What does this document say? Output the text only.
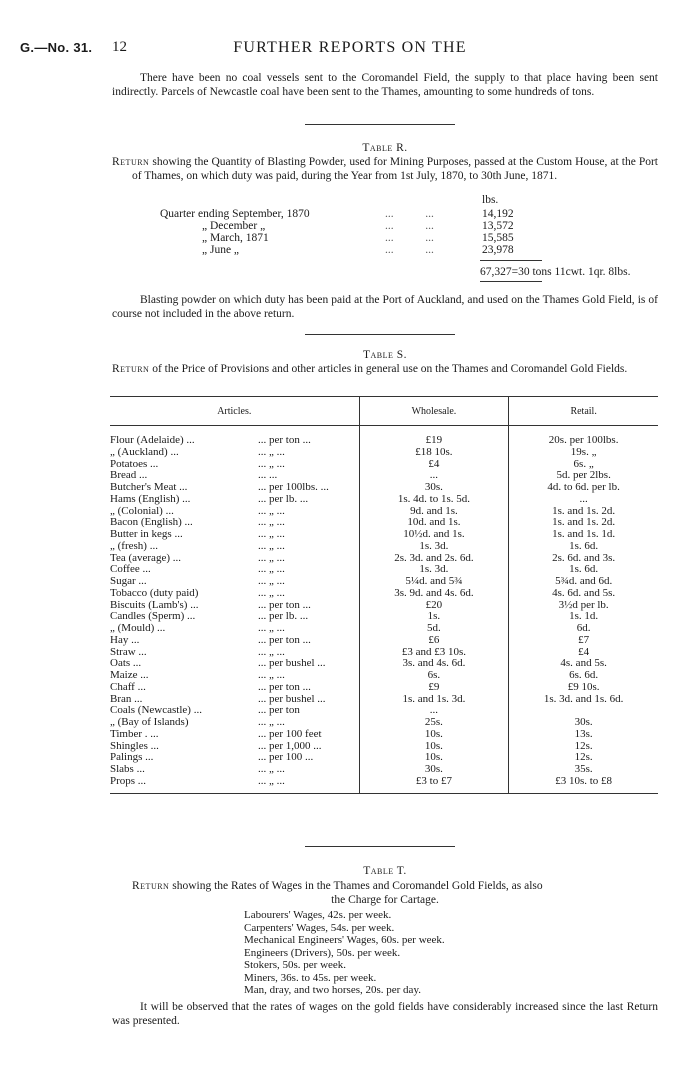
G.—No. 31. 12	FURTHER REPORTS ON THE

There have been no coal vessels sent to the Coromandel Field, the supply to that place having been sent indirectly. Parcels of Newcastle coal have been sent to the Thames, amounting to some hundreds of tons.

Table R.

Return showing the Quantity of Blasting Powder, used for Mining Purposes, passed at the Custom House, at the Port of Thames, on which duty was paid, during the Year from 1st July, 1870, to 30th June, 1871.

lbs.
Quarter ending September, 1870	...           ...	14,192
„ December „	...           ...	13,572
„ March, 1871	...           ...	15,585
„ June „	...           ...	23,978
67,327=30 tons 11cwt. 1qr. 8lbs.

Blasting powder on which duty has been paid at the Port of Auckland, and used on the Thames Gold Field, is of course not included in the above return.

Table S.

Return of the Price of Provisions and other articles in general use on the Thames and Coromandel Gold Fields.

Articles.	Wholesale.	Retail.
Flour (Adelaide) ... ... per ton ...	£19	20s. per 100lbs.
„ (Auckland) ... ... „ ...	£18 10s.	19s. „
Potatoes ... ... „ ...	£4	6s. „
Bread ... ... ...	...	5d. per 2lbs.
Butcher's Meat ... ... per 100lbs. ...	30s.	4d. to 6d. per lb.
Hams (English) ... ... per lb. ...	1s. 4d. to 1s. 5d.	...
„ (Colonial) ... ... „ ...	9d. and 1s.	1s. and 1s. 2d.
Bacon (English) ... ... „ ...	10d. and 1s.	1s. and 1s. 2d.
Butter in kegs ... ... „ ...	10½d. and 1s.	1s. and 1s. 1d.
„ (fresh) ... ... „ ...	1s. 3d.	1s. 6d.
Tea (average) ... ... „ ...	2s. 3d. and 2s. 6d.	2s. 6d. and 3s.
Coffee ... ... „ ...	1s. 3d.	1s. 6d.
Sugar ... ... „ ...	5¼d. and 5¾	5¾d. and 6d.
Tobacco (duty paid) ... „ ...	3s. 9d. and 4s. 6d.	4s. 6d. and 5s.
Biscuits (Lamb's) ... ... per ton ...	£20	3½d per lb.
Candles (Sperm) ... ... per lb. ...	1s.	1s. 1d.
„ (Mould) ... ... „ ...	5d.	6d.
Hay ... ... per ton ...	£6	£7
Straw ... ... „ ...	£3 and £3 10s.	£4
Oats ... ... per bushel ...	3s. and 4s. 6d.	4s. and 5s.
Maize ... ... „ ...	6s.	6s. 6d.
Chaff ... ... per ton ...	£9	£9 10s.
Bran ... ... per bushel ...	1s. and 1s. 3d.	1s. 3d. and 1s. 6d.
Coals (Newcastle) ... ... per ton	...	
„ (Bay of Islands) ... „ ...	25s.	30s.
Timber . ... ... per 100 feet	10s.	13s.
Shingles ... ... per 1,000 ...	10s.	12s.
Palings ... ... per 100 ...	10s.	12s.
Slabs ... ... „ ...	30s.	35s.
Props ... ... „ ...	£3 to £7	£3 10s. to £8
Table T.

Return showing the Rates of Wages in the Thames and Coromandel Gold Fields, as also

the Charge for Cartage.
Labourers' Wages, 42s. per week.
Carpenters' Wages, 54s. per week.
Mechanical Engineers' Wages, 60s. per week.
Engineers (Drivers), 50s. per week.
Stokers, 50s. per week.
Miners, 36s. to 45s. per week.
Man, dray, and two horses, 20s. per day.

It will be observed that the rates of wages on the gold fields have considerably increased since the last Return was presented.
